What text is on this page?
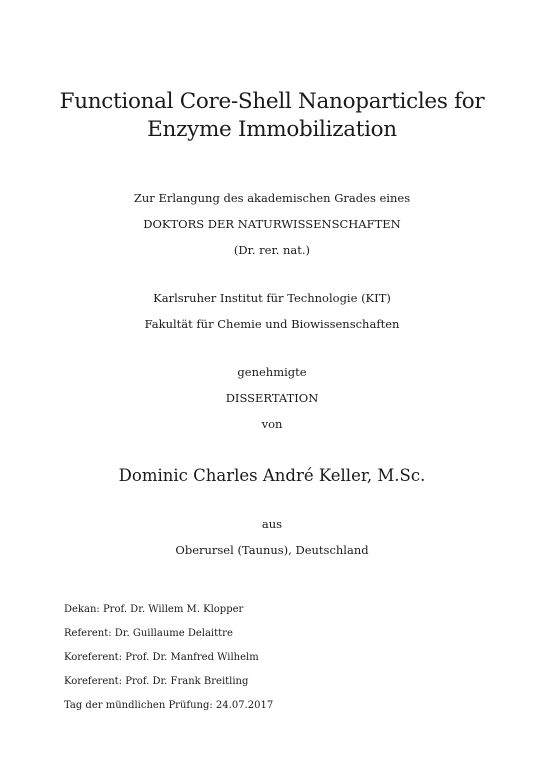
Functional Core-Shell Nanoparticles for
Enzyme Immobilization
Zur Erlangung des akademischen Grades eines
DOKTORS DER NATURWISSENSCHAFTEN
(Dr. rer. nat.)
Karlsruher Institut für Technologie (KIT)
Fakultät für Chemie und Biowissenschaften
genehmigte
DISSERTATION
von
Dominic Charles André Keller, M.Sc.
aus
Oberursel (Taunus), Deutschland
Dekan: Prof. Dr. Willem M. Klopper
Referent: Dr. Guillaume Delaittre
Koreferent: Prof. Dr. Manfred Wilhelm
Koreferent: Prof. Dr. Frank Breitling
Tag der mündlichen Prüfung: 24.07.2017
